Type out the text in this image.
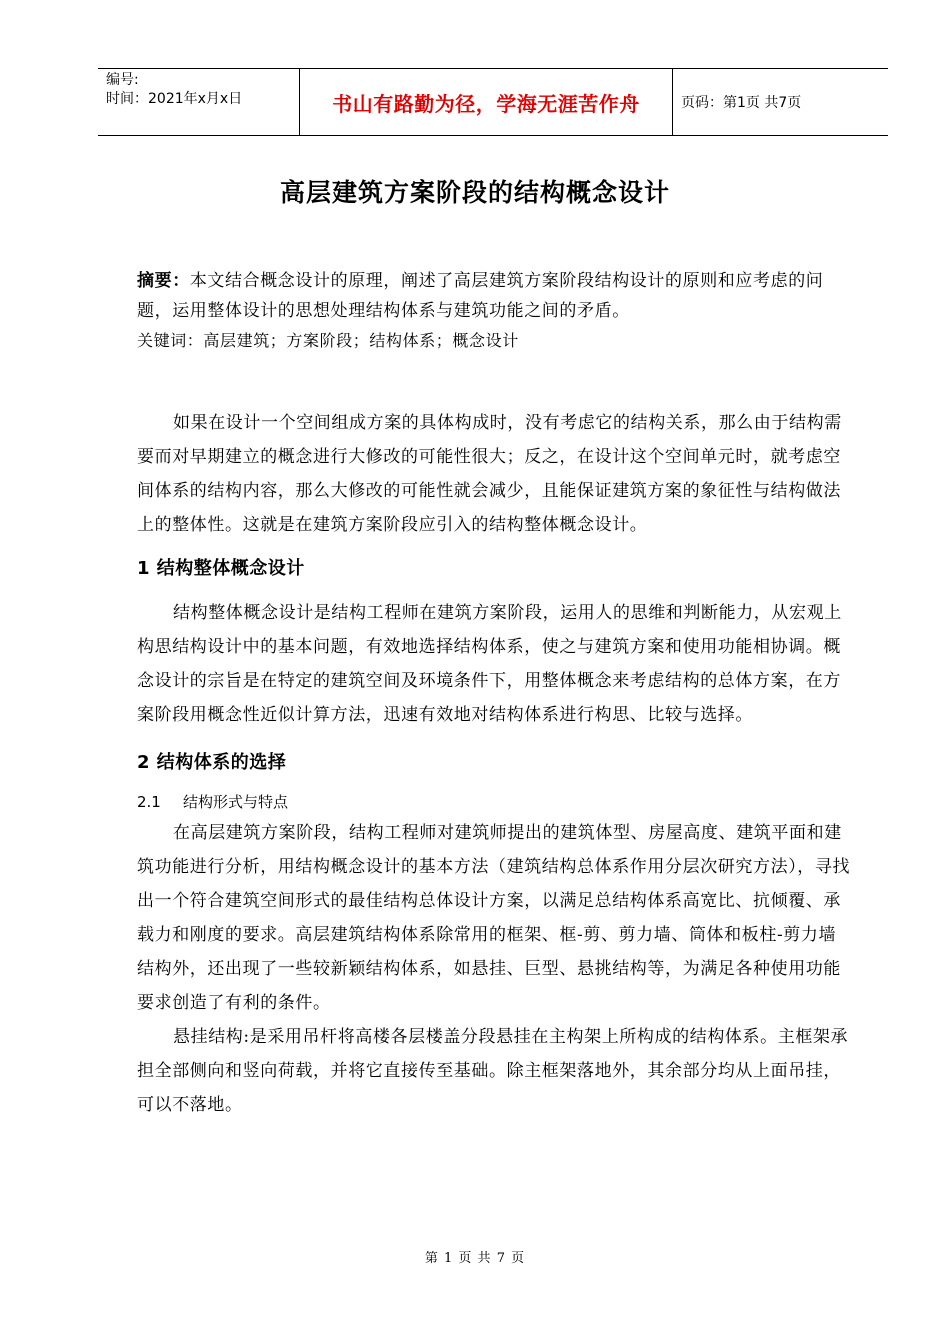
编号:
时间：2021年x月x日	书山有路勤为径，学海无涯苦作舟	页码：第1页 共7页
高层建筑方案阶段的结构概念设计

摘要：本文结合概念设计的原理，阐述了高层建筑方案阶段结构设计的原则和应考虑的问题，运用整体设计的思想处理结构体系与建筑功能之间的矛盾。

关键词：高层建筑；方案阶段；结构体系；概念设计

如果在设计一个空间组成方案的具体构成时，没有考虑它的结构关系，那么由于结构需要而对早期建立的概念进行大修改的可能性很大；反之，在设计这个空间单元时，就考虑空间体系的结构内容，那么大修改的可能性就会减少，且能保证建筑方案的象征性与结构做法上的整体性。这就是在建筑方案阶段应引入的结构整体概念设计。

1 结构整体概念设计

结构整体概念设计是结构工程师在建筑方案阶段，运用人的思维和判断能力，从宏观上构思结构设计中的基本问题，有效地选择结构体系，使之与建筑方案和使用功能相协调。概念设计的宗旨是在特定的建筑空间及环境条件下，用整体概念来考虑结构的总体方案，在方案阶段用概念性近似计算方法，迅速有效地对结构体系进行构思、比较与选择。

2 结构体系的选择
2.1 结构形式与特点

在高层建筑方案阶段，结构工程师对建筑师提出的建筑体型、房屋高度、建筑平面和建筑功能进行分析，用结构概念设计的基本方法（建筑结构总体系作用分层次研究方法），寻找出一个符合建筑空间形式的最佳结构总体设计方案，以满足总结构体系高宽比、抗倾覆、承载力和刚度的要求。高层建筑结构体系除常用的框架、框-剪、剪力墙、筒体和板柱-剪力墙结构外，还出现了一些较新颖结构体系，如悬挂、巨型、悬挑结构等，为满足各种使用功能要求创造了有利的条件。

悬挂结构:是采用吊杆将高楼各层楼盖分段悬挂在主构架上所构成的结构体系。主框架承担全部侧向和竖向荷载，并将它直接传至基础。除主框架落地外，其余部分均从上面吊挂，可以不落地。

第 1 页 共 7 页
